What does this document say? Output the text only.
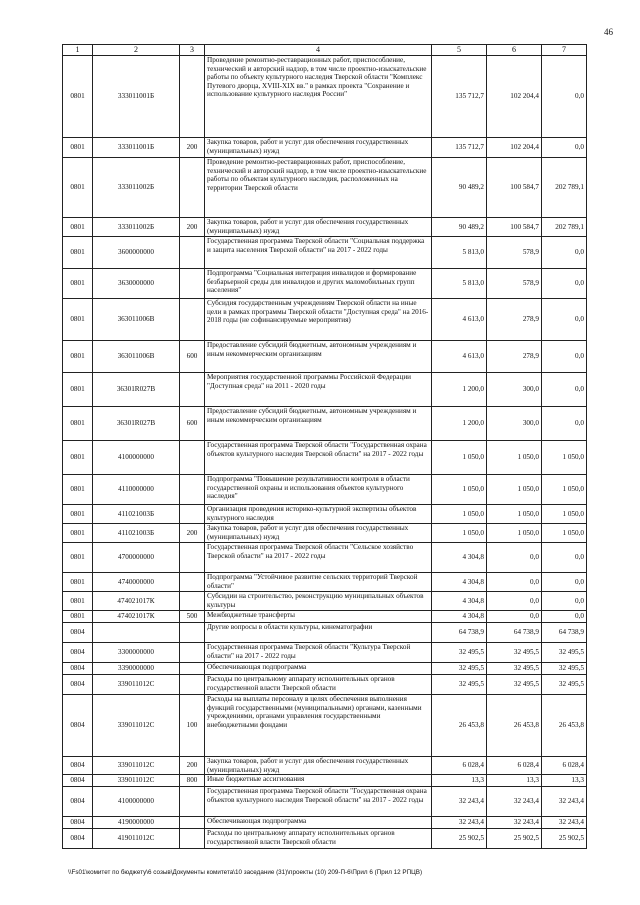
46
1	2	3	4	5	6	7
0801	333011001Б		Проведение ремонтно-реставрационных работ, приспособление, технический и авторский надзор, в том числе проектно-изыскательские работы по объекту культурного наследия Тверской области "Комплекс Путевого дворца, XVIII-XIX вв." в рамках проекта "Сохранение и использование культурного наследия России"	135 712,7	102 204,4	0,0
0801	333011001Б	200	Закупка товаров, работ и услуг для обеспечения государственных (муниципальных) нужд	135 712,7	102 204,4	0,0
0801	333011002Б		Проведение ремонтно-реставрационных работ, приспособление, технический и авторский надзор, в том числе проектно-изыскательские работы по объектам культурного наследия, расположенных на территории Тверской области	90 489,2	100 584,7	202 789,1
0801	333011002Б	200	Закупка товаров, работ и услуг для обеспечения государственных (муниципальных) нужд	90 489,2	100 584,7	202 789,1
0801	3600000000		Государственная программа Тверской области "Социальная поддержка и защита населения Тверской области" на 2017 - 2022 годы	5 813,0	578,9	0,0
0801	3630000000		Подпрограмма "Социальная интеграция инвалидов и формирование безбарьерной среды для инвалидов и других маломобильных групп населения"	5 813,0	578,9	0,0
0801	363011006В		Субсидия государственным учреждениям Тверской области на иные цели в рамках программы Тверской области "Доступная среда" на 2016-2018 годы (не софинансируемые мероприятия)	4 613,0	278,9	0,0
0801	363011006В	600	Предоставление субсидий бюджетным, автономным учреждениям и иным некоммерческим организациям	4 613,0	278,9	0,0
0801	36301R027В		Мероприятия государственной программы Российской Федерации "Доступная среда" на 2011 - 2020 годы	1 200,0	300,0	0,0
0801	36301R027В	600	Предоставление субсидий бюджетным, автономным учреждениям и иным некоммерческим организациям	1 200,0	300,0	0,0
0801	4100000000		Государственная программа Тверской области "Государственная охрана объектов культурного наследия Тверской области" на 2017 - 2022 годы	1 050,0	1 050,0	1 050,0
0801	4110000000		Подпрограмма "Повышение результативности контроля в области государственной охраны и использования объектов культурного наследия"	1 050,0	1 050,0	1 050,0
0801	411021003Б		Организация проведения историко-культурной экспертизы объектов культурного наследия	1 050,0	1 050,0	1 050,0
0801	411021003Б	200	Закупка товаров, работ и услуг для обеспечения государственных (муниципальных) нужд	1 050,0	1 050,0	1 050,0
0801	4700000000		Государственная программа Тверской области "Сельское хозяйство Тверской области" на 2017 - 2022 годы	4 304,8	0,0	0,0
0801	4740000000		Подпрограмма "Устойчивое развитие сельских территорий Тверской области"	4 304,8	0,0	0,0
0801	474021017К		Субсидии на строительство, реконструкцию муниципальных объектов культуры	4 304,8	0,0	0,0
0801	474021017К	500	Межбюджетные трансферты	4 304,8	0,0	0,0
0804			Другие вопросы в области культуры, кинематографии	64 738,9	64 738,9	64 738,9
0804	3300000000		Государственная программа Тверской области "Культура Тверской области" на 2017 - 2022 годы	32 495,5	32 495,5	32 495,5
0804	3390000000		Обеспечивающая подпрограмма	32 495,5	32 495,5	32 495,5
0804	339011012С		Расходы по центральному аппарату исполнительных органов государственной власти Тверской области	32 495,5	32 495,5	32 495,5
0804	339011012С	100	Расходы на выплаты персоналу в целях обеспечения выполнения функций государственными (муниципальными) органами, казенными учреждениями, органами управления государственными внебюджетными фондами	26 453,8	26 453,8	26 453,8
0804	339011012С	200	Закупка товаров, работ и услуг для обеспечения государственных (муниципальных) нужд	6 028,4	6 028,4	6 028,4
0804	339011012С	800	Иные бюджетные ассигнования	13,3	13,3	13,3
0804	4100000000		Государственная программа Тверской области "Государственная охрана объектов культурного наследия Тверской области" на 2017 - 2022 годы	32 243,4	32 243,4	32 243,4
0804	4190000000		Обеспечивающая подпрограмма	32 243,4	32 243,4	32 243,4
0804	419011012С		Расходы по центральному аппарату исполнительных органов государственной власти Тверской области	25 902,5	25 902,5	25 902,5
\\Fs01\комитет по бюджету\6 созыв\Документы комитета\10 заседание (31)\проекты (10) 209-П-6\Прил 6 (Прил 12 РПЦВ)
